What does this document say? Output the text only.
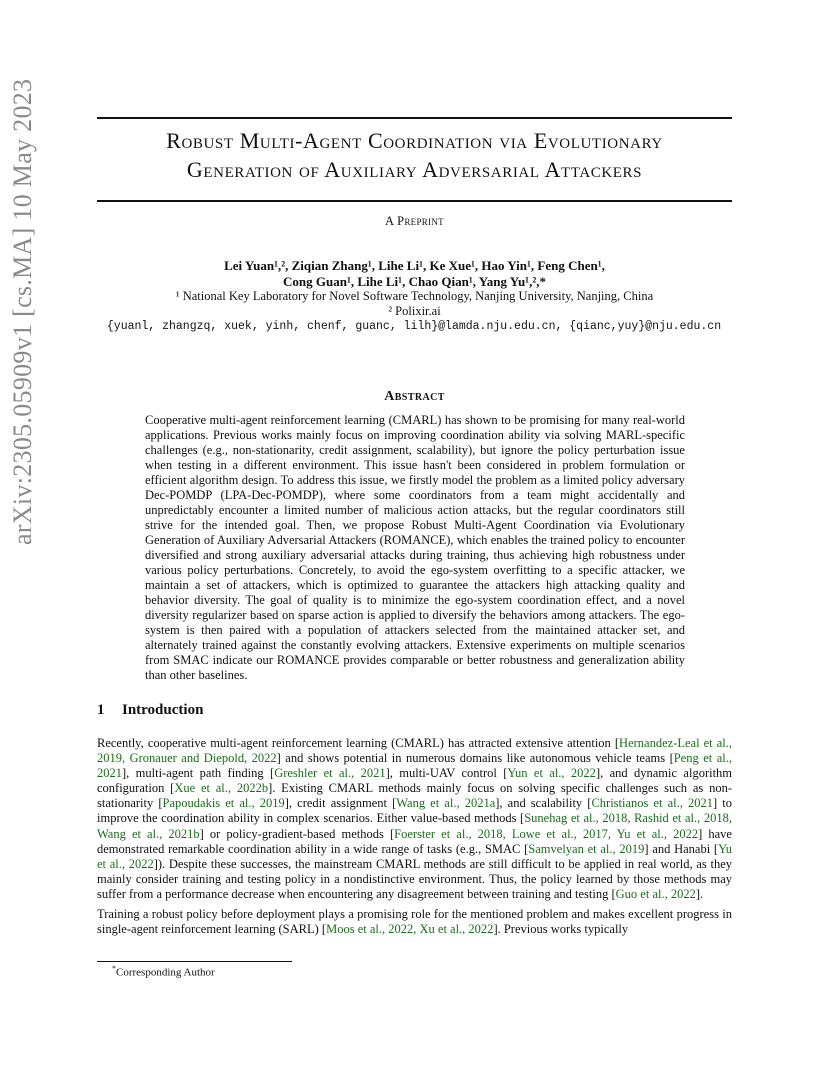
arXiv:2305.05909v1 [cs.MA] 10 May 2023	Robust Multi-Agent Coordination via Evolutionary
Generation of Auxiliary Adversarial Attackers
A Preprint
Lei Yuan¹,², Ziqian Zhang¹, Lihe Li¹, Ke Xue¹, Hao Yin¹, Feng Chen¹,
Cong Guan¹, Lihe Li¹, Chao Qian¹, Yang Yu¹,²,*
¹ National Key Laboratory for Novel Software Technology, Nanjing University, Nanjing, China
² Polixir.ai
{yuanl, zhangzq, xuek, yinh, chenf, guanc, lilh}@lamda.nju.edu.cn, {qianc,yuy}@nju.edu.cn
Abstract

Cooperative multi-agent reinforcement learning (CMARL) has shown to be promising for many real-world applications. Previous works mainly focus on improving coordination ability via solving MARL-specific challenges (e.g., non-stationarity, credit assignment, scalability), but ignore the policy perturbation issue when testing in a different environment. This issue hasn't been considered in problem formulation or efficient algorithm design. To address this issue, we firstly model the problem as a limited policy adversary Dec-POMDP (LPA-Dec-POMDP), where some coordinators from a team might accidentally and unpredictably encounter a limited number of malicious action attacks, but the regular coordinators still strive for the intended goal. Then, we propose Robust Multi-Agent Coordination via Evolutionary Generation of Auxiliary Adversarial Attackers (ROMANCE), which enables the trained policy to encounter diversified and strong auxiliary adversarial attacks during training, thus achieving high robustness under various policy perturbations. Concretely, to avoid the ego-system overfitting to a specific attacker, we maintain a set of attackers, which is optimized to guarantee the attackers high attacking quality and behavior diversity. The goal of quality is to minimize the ego-system coordination effect, and a novel diversity regularizer based on sparse action is applied to diversify the behaviors among attackers. The ego-system is then paired with a population of attackers selected from the maintained attacker set, and alternately trained against the constantly evolving attackers. Extensive experiments on multiple scenarios from SMAC indicate our ROMANCE provides comparable or better robustness and generalization ability than other baselines.

1 Introduction

Recently, cooperative multi-agent reinforcement learning (CMARL) has attracted extensive attention [Hernandez-Leal et al., 2019, Gronauer and Diepold, 2022] and shows potential in numerous domains like autonomous vehicle teams [Peng et al., 2021], multi-agent path finding [Greshler et al., 2021], multi-UAV control [Yun et al., 2022], and dynamic algorithm configuration [Xue et al., 2022b]. Existing CMARL methods mainly focus on solving specific challenges such as non-stationarity [Papoudakis et al., 2019], credit assignment [Wang et al., 2021a], and scalability [Christianos et al., 2021] to improve the coordination ability in complex scenarios. Either value-based methods [Sunehag et al., 2018, Rashid et al., 2018, Wang et al., 2021b] or policy-gradient-based methods [Foerster et al., 2018, Lowe et al., 2017, Yu et al., 2022] have demonstrated remarkable coordination ability in a wide range of tasks (e.g., SMAC [Samvelyan et al., 2019] and Hanabi [Yu et al., 2022]). Despite these successes, the mainstream CMARL methods are still difficult to be applied in real world, as they mainly consider training and testing policy in a nondistinctive environment. Thus, the policy learned by those methods may suffer from a performance decrease when encountering any disagreement between training and testing [Guo et al., 2022].

Training a robust policy before deployment plays a promising role for the mentioned problem and makes excellent progress in single-agent reinforcement learning (SARL) [Moos et al., 2022, Xu et al., 2022]. Previous works typically

*Corresponding Author
